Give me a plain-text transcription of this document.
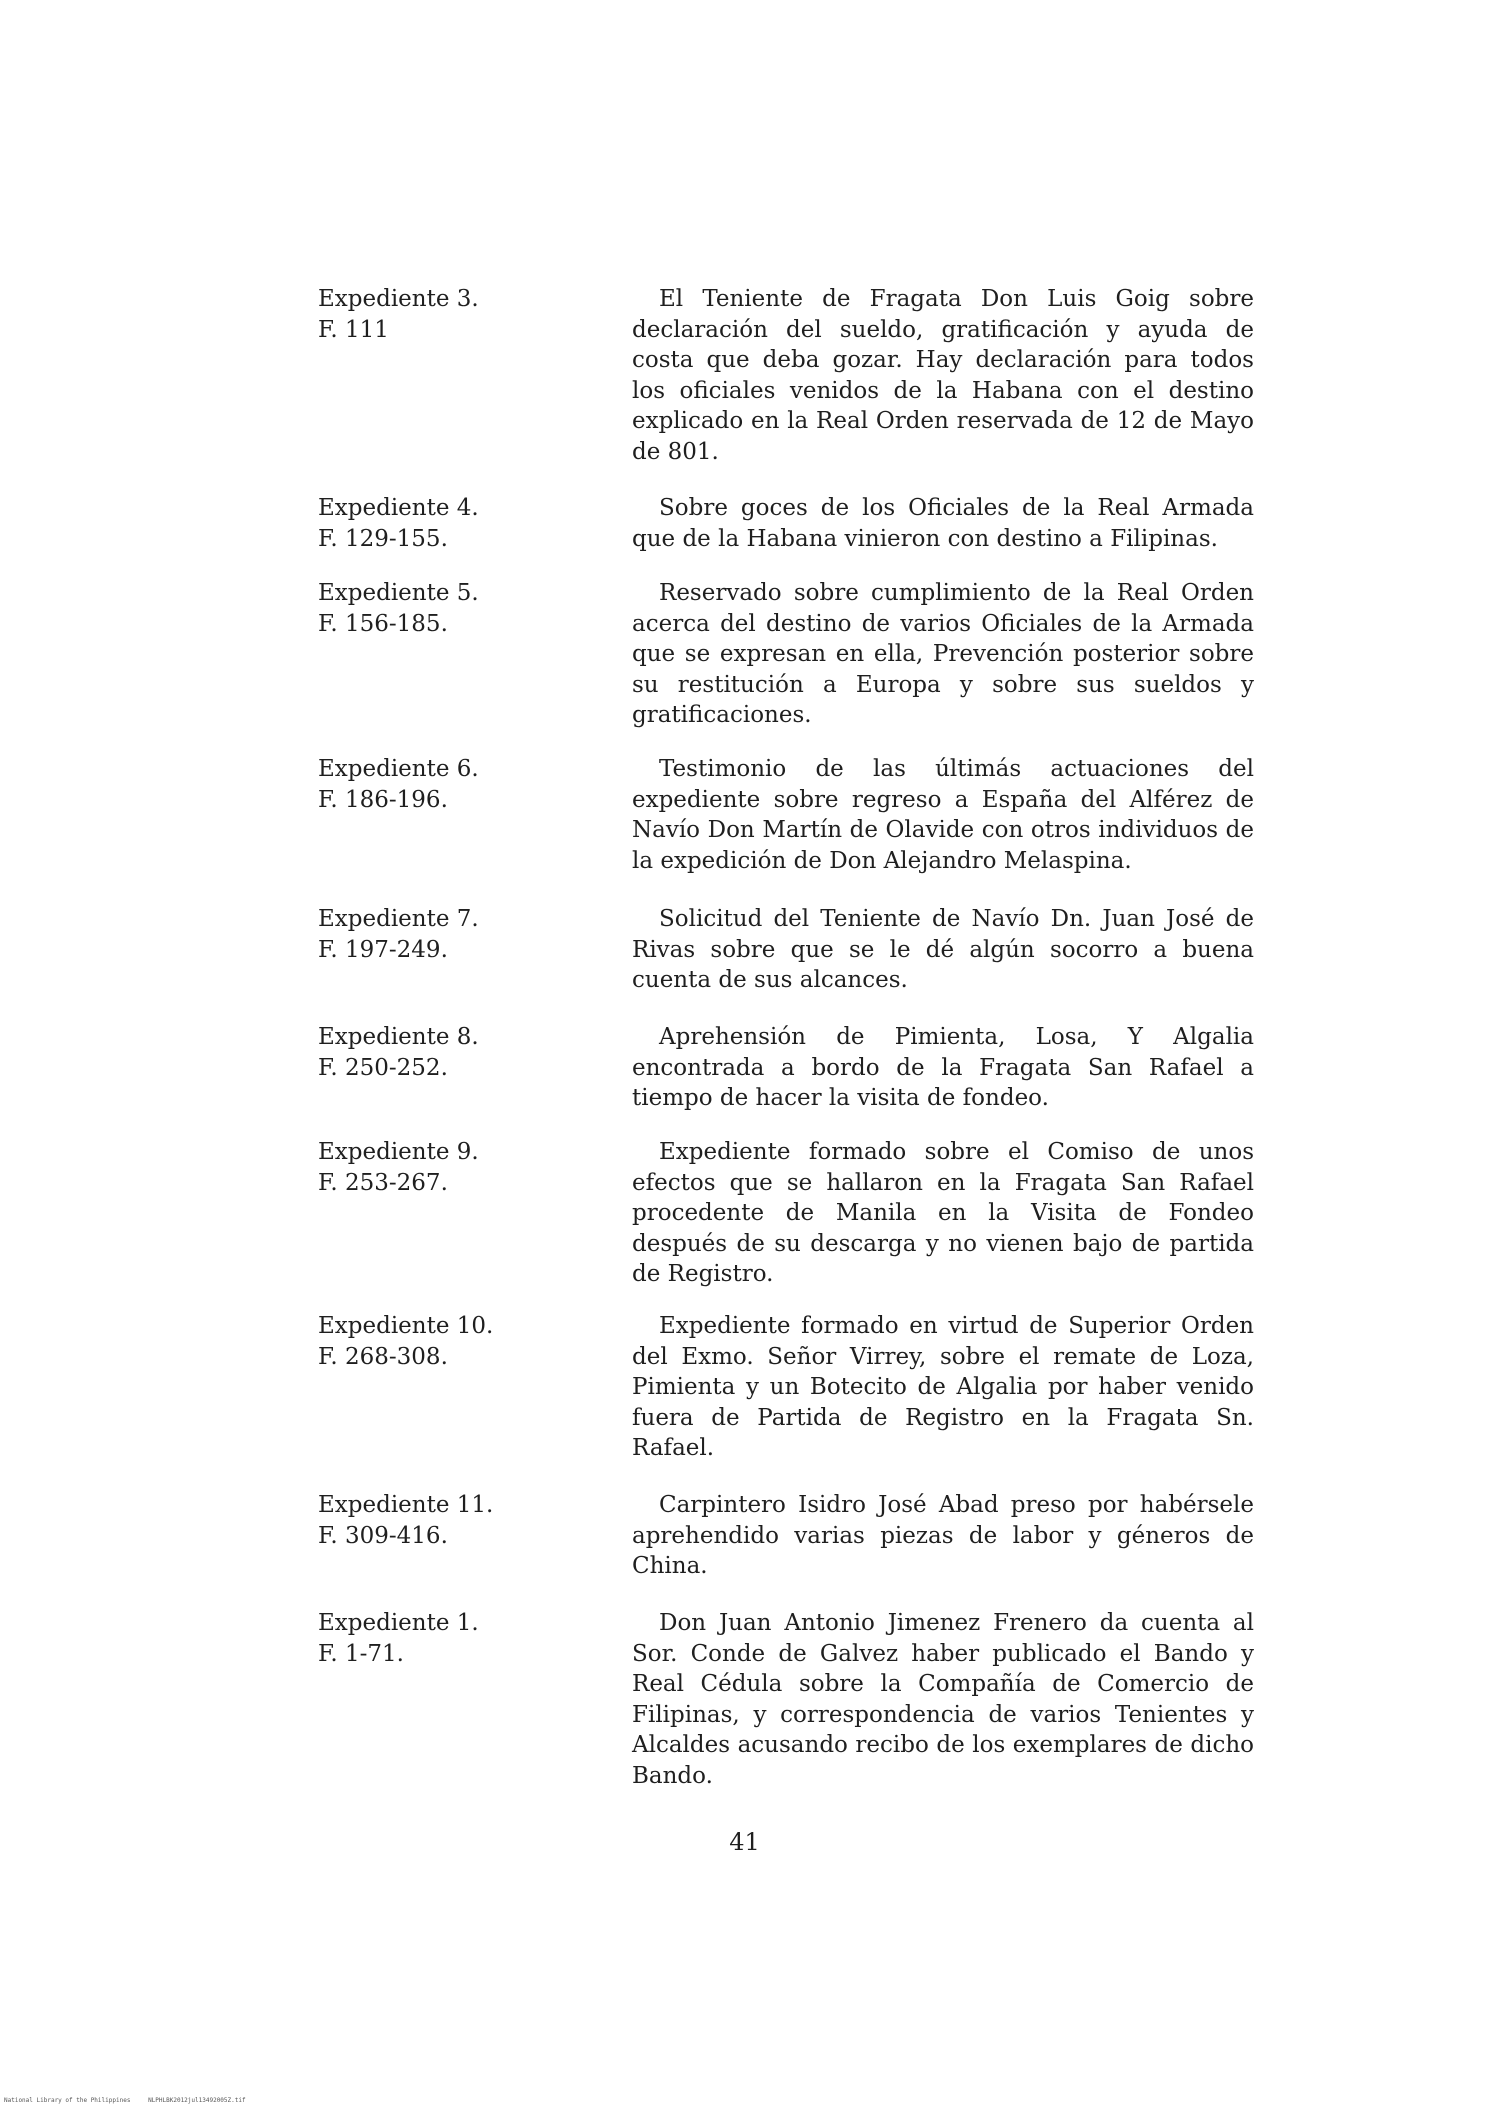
Expediente 3.
F. 111
El Teniente de Fragata Don Luis Goig sobre declaración del sueldo, gratificación y ayuda de costa que deba gozar. Hay declaración para todos los oficiales venidos de la Habana con el destino explicado en la Real Orden reservada de 12 de Mayo de 801.
Expediente 4.
F. 129-155.
Sobre goces de los Oficiales de la Real Armada que de la Habana vinieron con destino a Filipinas.
Expediente 5.
F. 156-185.
Reservado sobre cumplimiento de la Real Orden acerca del destino de varios Oficiales de la Armada que se expresan en ella, Prevención posterior sobre su restitución a Europa y sobre sus sueldos y gratificaciones.
Expediente 6.
F. 186-196.
Testimonio de las últimás actuaciones del expediente sobre regreso a España del Alférez de Navío Don Martín de Olavide con otros individuos de la expedición de Don Alejandro Melaspina.
Expediente 7.
F. 197-249.
Solicitud del Teniente de Navío Dn. Juan José de Rivas sobre que se le dé algún socorro a buena cuenta de sus alcances.
Expediente 8.
F. 250-252.
Aprehensión de Pimienta, Losa, Y Algalia encontrada a bordo de la Fragata San Rafael a tiempo de hacer la visita de fondeo.
Expediente 9.
F. 253-267.
Expediente formado sobre el Comiso de unos efectos que se hallaron en la Fragata San Rafael procedente de Manila en la Visita de Fondeo después de su descarga y no vienen bajo de partida de Registro.
Expediente 10.
F. 268-308.
Expediente formado en virtud de Superior Orden del Exmo. Señor Virrey, sobre el remate de Loza, Pimienta y un Botecito de Algalia por haber venido fuera de Partida de Registro en la Fragata Sn. Rafael.
Expediente 11.
F. 309-416.
Carpintero Isidro José Abad preso por habérsele aprehendido varias piezas de labor y géneros de China.
Expediente 1.
F. 1-71.
Don Juan Antonio Jimenez Frenero da cuenta al Sor. Conde de Galvez haber publicado el Bando y Real Cédula sobre la Compañía de Comercio de Filipinas, y correspondencia de varios Tenientes y Alcaldes acusando recibo de los exemplares de dicho Bando.
41
National Library of the Philippines	NLPHLBK2012jul13492005Z.tif
